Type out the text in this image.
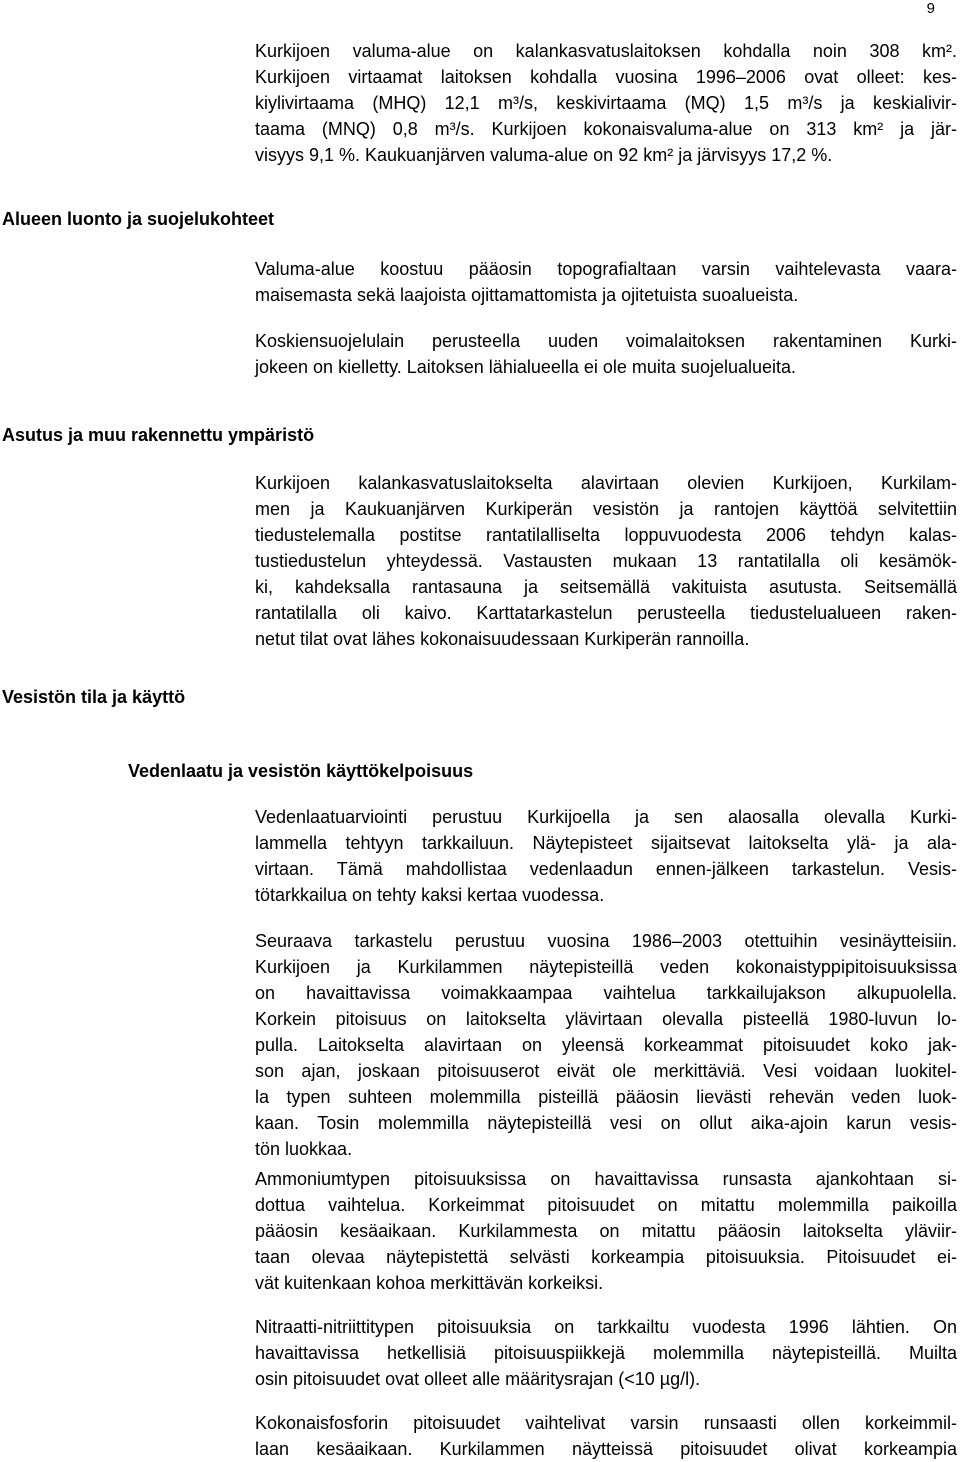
9
Kurkijoen valuma-alue on kalankasvatuslaitoksen kohdalla noin 308 km².
Kurkijoen virtaamat laitoksen kohdalla vuosina 1996–2006 ovat olleet: kes-
kiylivirtaama (MHQ) 12,1 m³/s, keskivirtaama (MQ) 1,5 m³/s ja keskialivir-
taama (MNQ) 0,8 m³/s. Kurkijoen kokonaisvaluma-alue on 313 km² ja jär-
visyys 9,1 %. Kaukuanjärven valuma-alue on 92 km² ja järvisyys 17,2 %.
Alueen luonto ja suojelukohteet
Valuma-alue koostuu pääosin topografialtaan varsin vaihtelevasta vaara-
maisemasta sekä laajoista ojittamattomista ja ojitetuista suoalueista.
Koskiensuojelulain perusteella uuden voimalaitoksen rakentaminen Kurki-
jokeen on kielletty. Laitoksen lähialueella ei ole muita suojelualueita.
Asutus ja muu rakennettu ympäristö
Kurkijoen kalankasvatuslaitokselta alavirtaan olevien Kurkijoen, Kurkilam-
men ja Kaukuanjärven Kurkiperän vesistön ja rantojen käyttöä selvitettiin
tiedustelemalla postitse rantatilalliselta loppuvuodesta 2006 tehdyn kalas-
tustiedustelun yhteydessä. Vastausten mukaan 13 rantatilalla oli kesämök-
ki, kahdeksalla rantasauna ja seitsemällä vakituista asutusta. Seitsemällä
rantatilalla oli kaivo. Karttatarkastelun perusteella tiedustelualueen raken-
netut tilat ovat lähes kokonaisuudessaan Kurkiperän rannoilla.
Vesistön tila ja käyttö
Vedenlaatu ja vesistön käyttökelpoisuus
Vedenlaatuarviointi perustuu Kurkijoella ja sen alaosalla olevalla Kurki-
lammella tehtyyn tarkkailuun. Näytepisteet sijaitsevat laitokselta ylä- ja ala-
virtaan. Tämä mahdollistaa vedenlaadun ennen-jälkeen tarkastelun. Vesis-
tötarkkailua on tehty kaksi kertaa vuodessa.
Seuraava tarkastelu perustuu vuosina 1986–2003 otettuihin vesinäytteisiin.
Kurkijoen ja Kurkilammen näytepisteillä veden kokonaistyppipitoisuuksissa
on havaittavissa voimakkaampaa vaihtelua tarkkailujakson alkupuolella.
Korkein pitoisuus on laitokselta ylävirtaan olevalla pisteellä 1980-luvun lo-
pulla. Laitokselta alavirtaan on yleensä korkeammat pitoisuudet koko jak-
son ajan, joskaan pitoisuuserot eivät ole merkittäviä. Vesi voidaan luokitel-
la typen suhteen molemmilla pisteillä pääosin lievästi rehevän veden luok-
kaan. Tosin molemmilla näytepisteillä vesi on ollut aika-ajoin karun vesis-
tön luokkaa.
Ammoniumtypen pitoisuuksissa on havaittavissa runsasta ajankohtaan si-
dottua vaihtelua. Korkeimmat pitoisuudet on mitattu molemmilla paikoilla
pääosin kesäaikaan. Kurkilammesta on mitattu pääosin laitokselta yläviir-
taan olevaa näytepistettä selvästi korkeampia pitoisuuksia. Pitoisuudet ei-
vät kuitenkaan kohoa merkittävän korkeiksi.
Nitraatti-nitriittitypen pitoisuuksia on tarkkailtu vuodesta 1996 lähtien. On
havaittavissa hetkellisiä pitoisuuspiikkejä molemmilla näytepisteillä. Muilta
osin pitoisuudet ovat olleet alle määritysrajan (<10 µg/l).
Kokonaisfosforin pitoisuudet vaihtelivat varsin runsaasti ollen korkeimmil-
laan kesäaikaan. Kurkilammen näytteissä pitoisuudet olivat korkeampia
